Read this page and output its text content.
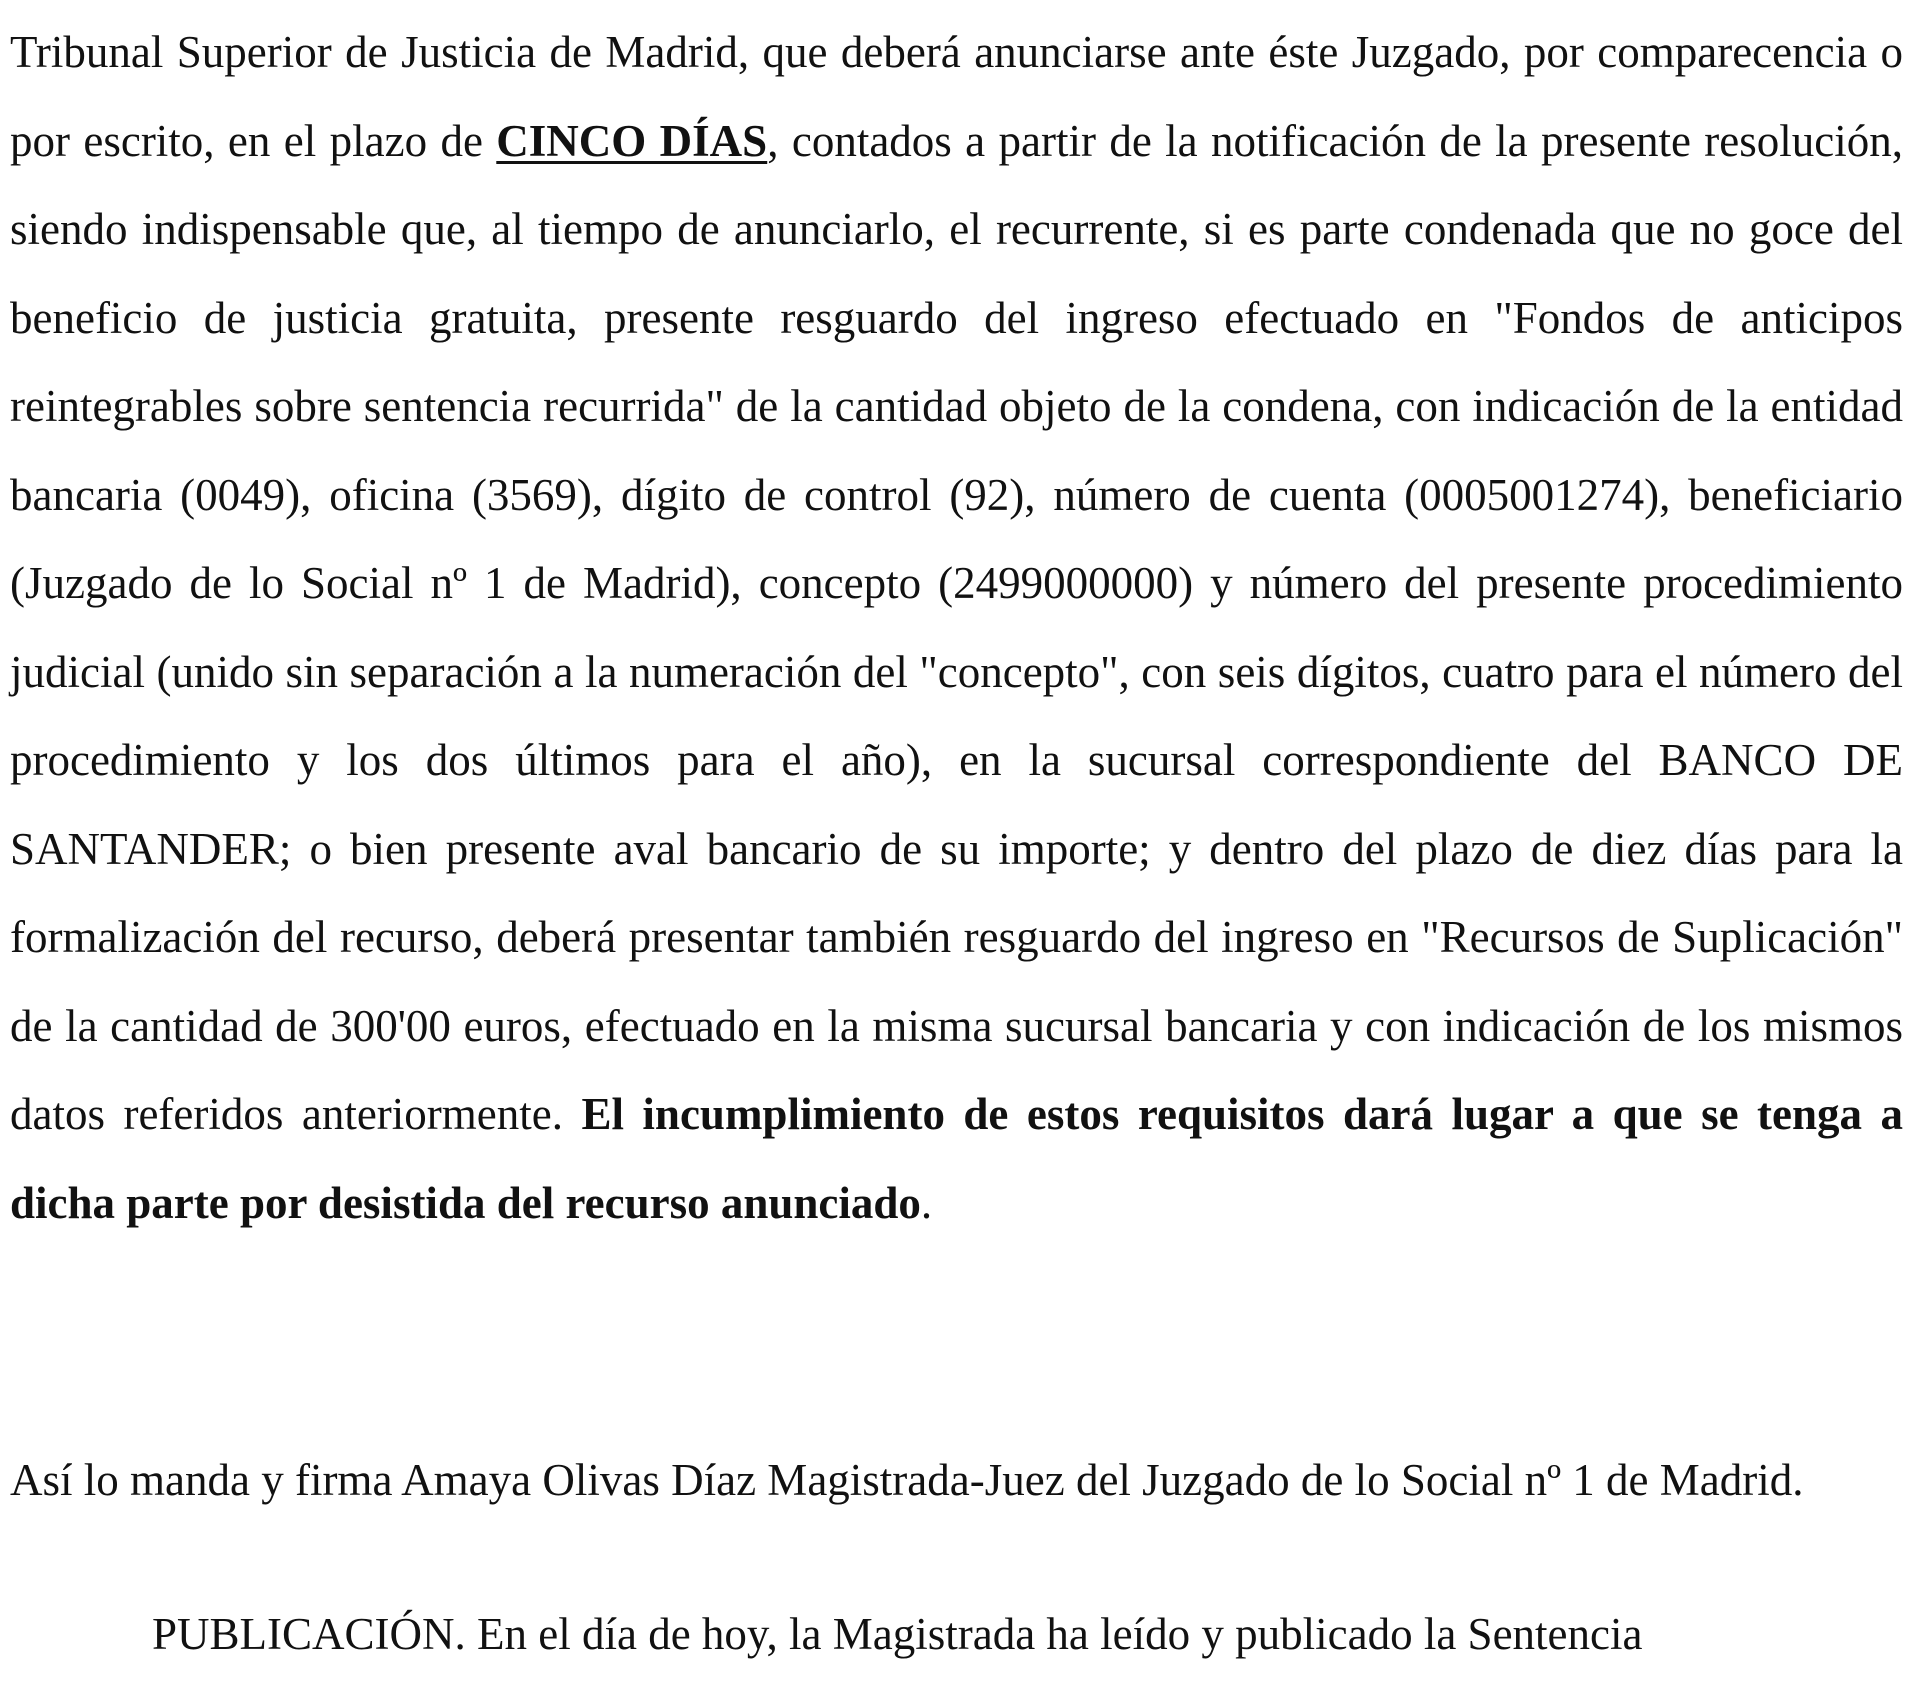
Tribunal Superior de Justicia de Madrid, que deberá anunciarse ante éste Juzgado, por comparecencia o por escrito, en el plazo de CINCO DÍAS, contados a partir de la notificación de la presente resolución, siendo indispensable que, al tiempo de anunciarlo, el recurrente, si es parte condenada que no goce del beneficio de justicia gratuita, presente resguardo del ingreso efectuado en "Fondos de anticipos reintegrables sobre sentencia recurrida" de la cantidad objeto de la condena, con indicación de la entidad bancaria (0049), oficina (3569), dígito de control (92), número de cuenta (0005001274), beneficiario (Juzgado de lo Social nº 1 de Madrid), concepto (2499000000) y número del presente procedimiento judicial (unido sin separación a la numeración del "concepto", con seis dígitos, cuatro para el número del procedimiento y los dos últimos para el año), en la sucursal correspondiente del BANCO DE SANTANDER; o bien presente aval bancario de su importe; y dentro del plazo de diez días para la formalización del recurso, deberá presentar también resguardo del ingreso en "Recursos de Suplicación" de la cantidad de 300'00 euros, efectuado en la misma sucursal bancaria y con indicación de los mismos datos referidos anteriormente. El incumplimiento de estos requisitos dará lugar a que se tenga a dicha parte por desistida del recurso anunciado.

Así lo manda y firma Amaya Olivas Díaz Magistrada-Juez del Juzgado de lo Social nº 1 de Madrid.

PUBLICACIÓN. En el día de hoy, la Magistrada ha leído y publicado la Sentencia
